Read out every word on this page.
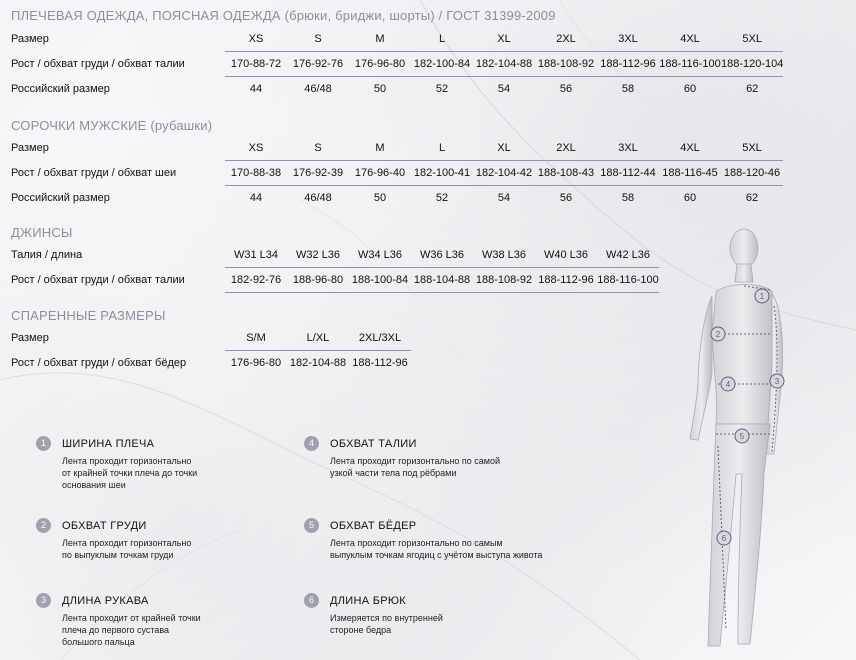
ПЛЕЧЕВАЯ ОДЕЖДА, ПОЯСНАЯ ОДЕЖДА (брюки, бриджи, шорты) / ГОСТ 31399-2009
Размер	XS	S	M	L	XL	2XL	3XL	4XL	5XL
Рост / обхват груди / обхват талии	170-88-72	176-92-76	176-96-80	182-100-84	182-104-88	188-108-92	188-112-96	188-116-100	188-120-104
Российский размер	44	46/48	50	52	54	56	58	60	62
СОРОЧКИ МУЖСКИЕ (рубашки)
Размер	XS	S	M	L	XL	2XL	3XL	4XL	5XL
Рост / обхват груди / обхват шеи	170-88-38	176-92-39	176-96-40	182-100-41	182-104-42	188-108-43	188-112-44	188-116-45	188-120-46
Российский размер	44	46/48	50	52	54	56	58	60	62
ДЖИНСЫ
Талия / длина	W31 L34	W32 L36	W34 L36	W36 L36	W38 L36	W40 L36	W42 L36
Рост / обхват груди / обхват талии	182-92-76	188-96-80	188-100-84	188-104-88	188-108-92	188-112-96	188-116-100
СПАРЕННЫЕ РАЗМЕРЫ
Размер	S/M	L/XL	2XL/3XL
Рост / обхват груди / обхват бёдер	176-96-80	182-104-88	188-112-96
1	ШИРИНА ПЛЕЧА
Лента проходит горизонтально
от крайней точки плеча до точки
основания шеи
2	ОБХВАТ ГРУДИ
Лента проходит горизонтально
по выпуклым точкам груди
3	ДЛИНА РУКАВА
Лента проходит от крайней точки
плеча до первого сустава
большого пальца
4	ОБХВАТ ТАЛИИ
Лента проходит горизонтально по самой
узкой части тела под рёбрами
5	ОБХВАТ БЁДЕР
Лента проходит горизонтально по самым
выпуклым точкам ягодиц с учётом выступа живота
6	ДЛИНА БРЮК
Измеряется по внутренней
стороне бедра
1
2
3
4
5
6
